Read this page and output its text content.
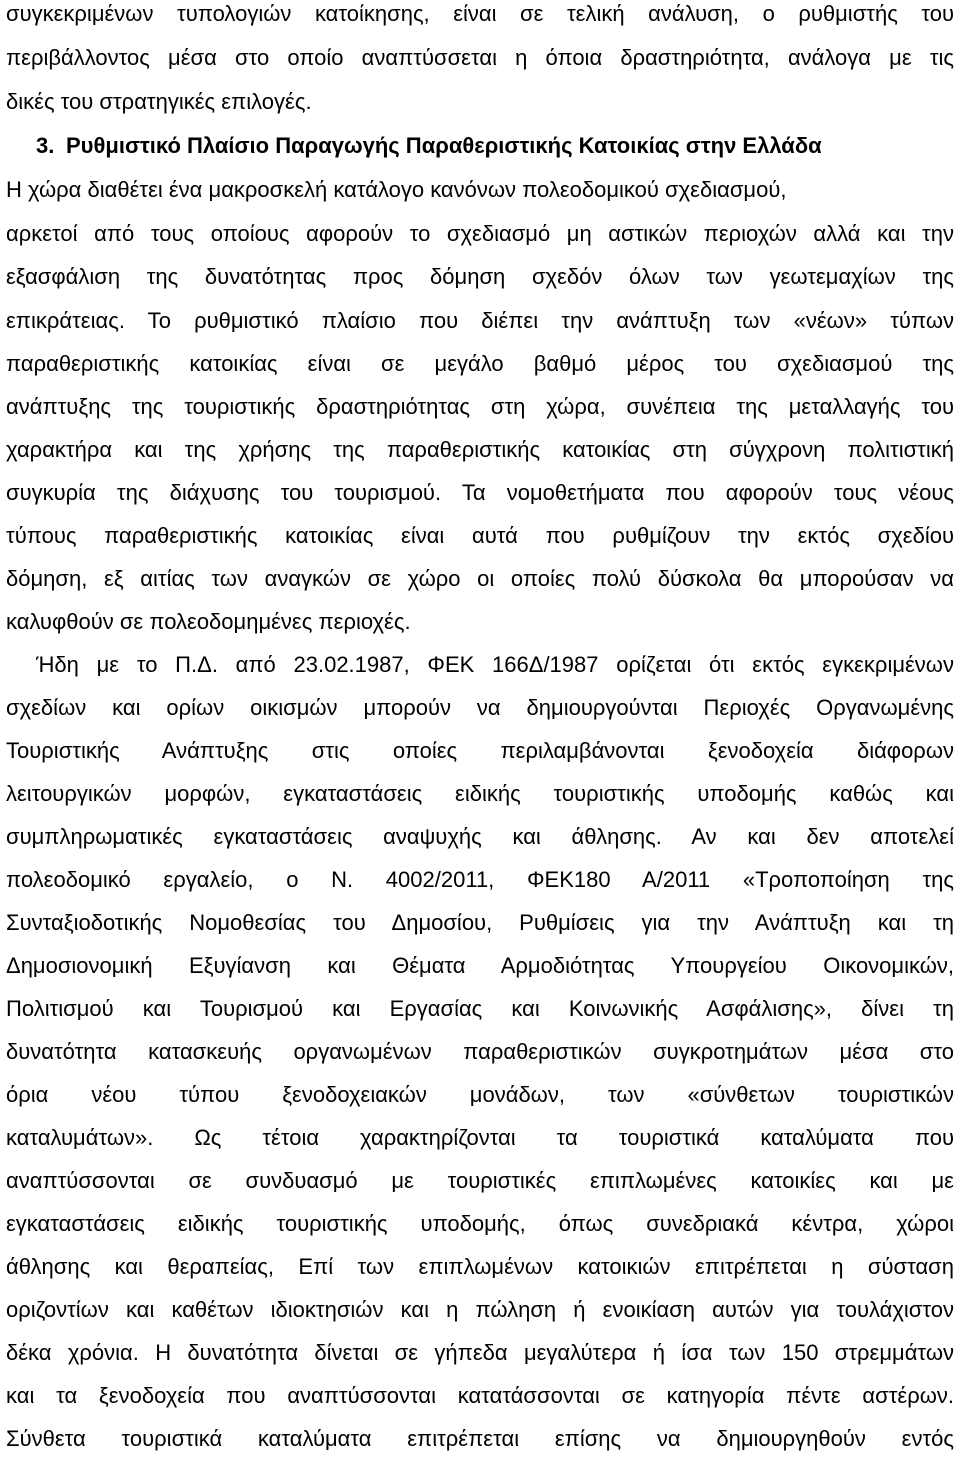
συγκεκριμένων τυπολογιών κατοίκησης, είναι σε τελική ανάλυση, ο ρυθμιστής του
περιβάλλοντος μέσα στο οποίο αναπτύσσεται η όποια δραστηριότητα, ανάλογα με τις
δικές του στρατηγικές επιλογές.
3. Ρυθμιστικό Πλαίσιο Παραγωγής Παραθεριστικής Κατοικίας στην Ελλάδα
Η χώρα διαθέτει ένα μακροσκελή κατάλογο κανόνων πολεοδομικού σχεδιασμού,
αρκετοί από τους οποίους αφορούν το σχεδιασμό μη αστικών περιοχών αλλά και την
εξασφάλιση της δυνατότητας προς δόμηση σχεδόν όλων των γεωτεμαχίων της
επικράτειας. Το ρυθμιστικό πλαίσιο που διέπει την ανάπτυξη των «νέων» τύπων
παραθεριστικής κατοικίας είναι σε μεγάλο βαθμό μέρος του σχεδιασμού της
ανάπτυξης της τουριστικής δραστηριότητας στη χώρα, συνέπεια της μεταλλαγής του
χαρακτήρα και της χρήσης της παραθεριστικής κατοικίας στη σύγχρονη πολιτιστική
συγκυρία της διάχυσης του τουρισμού. Τα νομοθετήματα που αφορούν τους νέους
τύπους παραθεριστικής κατοικίας είναι αυτά που ρυθμίζουν την εκτός σχεδίου
δόμηση, εξ αιτίας των αναγκών σε χώρο οι οποίες πολύ δύσκολα θα μπορούσαν να
καλυφθούν σε πολεοδομημένες περιοχές.
Ήδη με το Π.Δ. από 23.02.1987, ΦΕΚ 166Δ/1987 ορίζεται ότι εκτός εγκεκριμένων
σχεδίων και ορίων οικισμών μπορούν να δημιουργούνται Περιοχές Οργανωμένης
Τουριστικής Ανάπτυξης στις οποίες περιλαμβάνονται ξενοδοχεία διάφορων
λειτουργικών μορφών, εγκαταστάσεις ειδικής τουριστικής υποδομής καθώς και
συμπληρωματικές εγκαταστάσεις αναψυχής και άθλησης. Αν και δεν αποτελεί
πολεοδομικό εργαλείο, ο Ν. 4002/2011, ΦΕΚ180 Α/2011 «Τροποποίηση της
Συνταξιοδοτικής Νομοθεσίας του Δημοσίου, Ρυθμίσεις για την Ανάπτυξη και τη
Δημοσιονομική Εξυγίανση και Θέματα Αρμοδιότητας Υπουργείου Οικονομικών,
Πολιτισμού και Τουρισμού και Εργασίας και Κοινωνικής Ασφάλισης», δίνει τη
δυνατότητα κατασκευής οργανωμένων παραθεριστικών συγκροτημάτων μέσα στο
όρια νέου τύπου ξενοδοχειακών μονάδων, των «σύνθετων τουριστικών
καταλυμάτων». Ως τέτοια χαρακτηρίζονται τα τουριστικά καταλύματα που
αναπτύσσονται σε συνδυασμό με τουριστικές επιπλωμένες κατοικίες και με
εγκαταστάσεις ειδικής τουριστικής υποδομής, όπως συνεδριακά κέντρα, χώροι
άθλησης και θεραπείας, Επί των επιπλωμένων κατοικιών επιτρέπεται η σύσταση
οριζοντίων και καθέτων ιδιοκτησιών και η πώληση ή ενοικίαση αυτών για τουλάχιστον
δέκα χρόνια. Η δυνατότητα δίνεται σε γήπεδα μεγαλύτερα ή ίσα των 150 στρεμμάτων
και τα ξενοδοχεία που αναπτύσσονται κατατάσσονται σε κατηγορία πέντε αστέρων.
Σύνθετα τουριστικά καταλύματα επιτρέπεται επίσης να δημιουργηθούν εντός
